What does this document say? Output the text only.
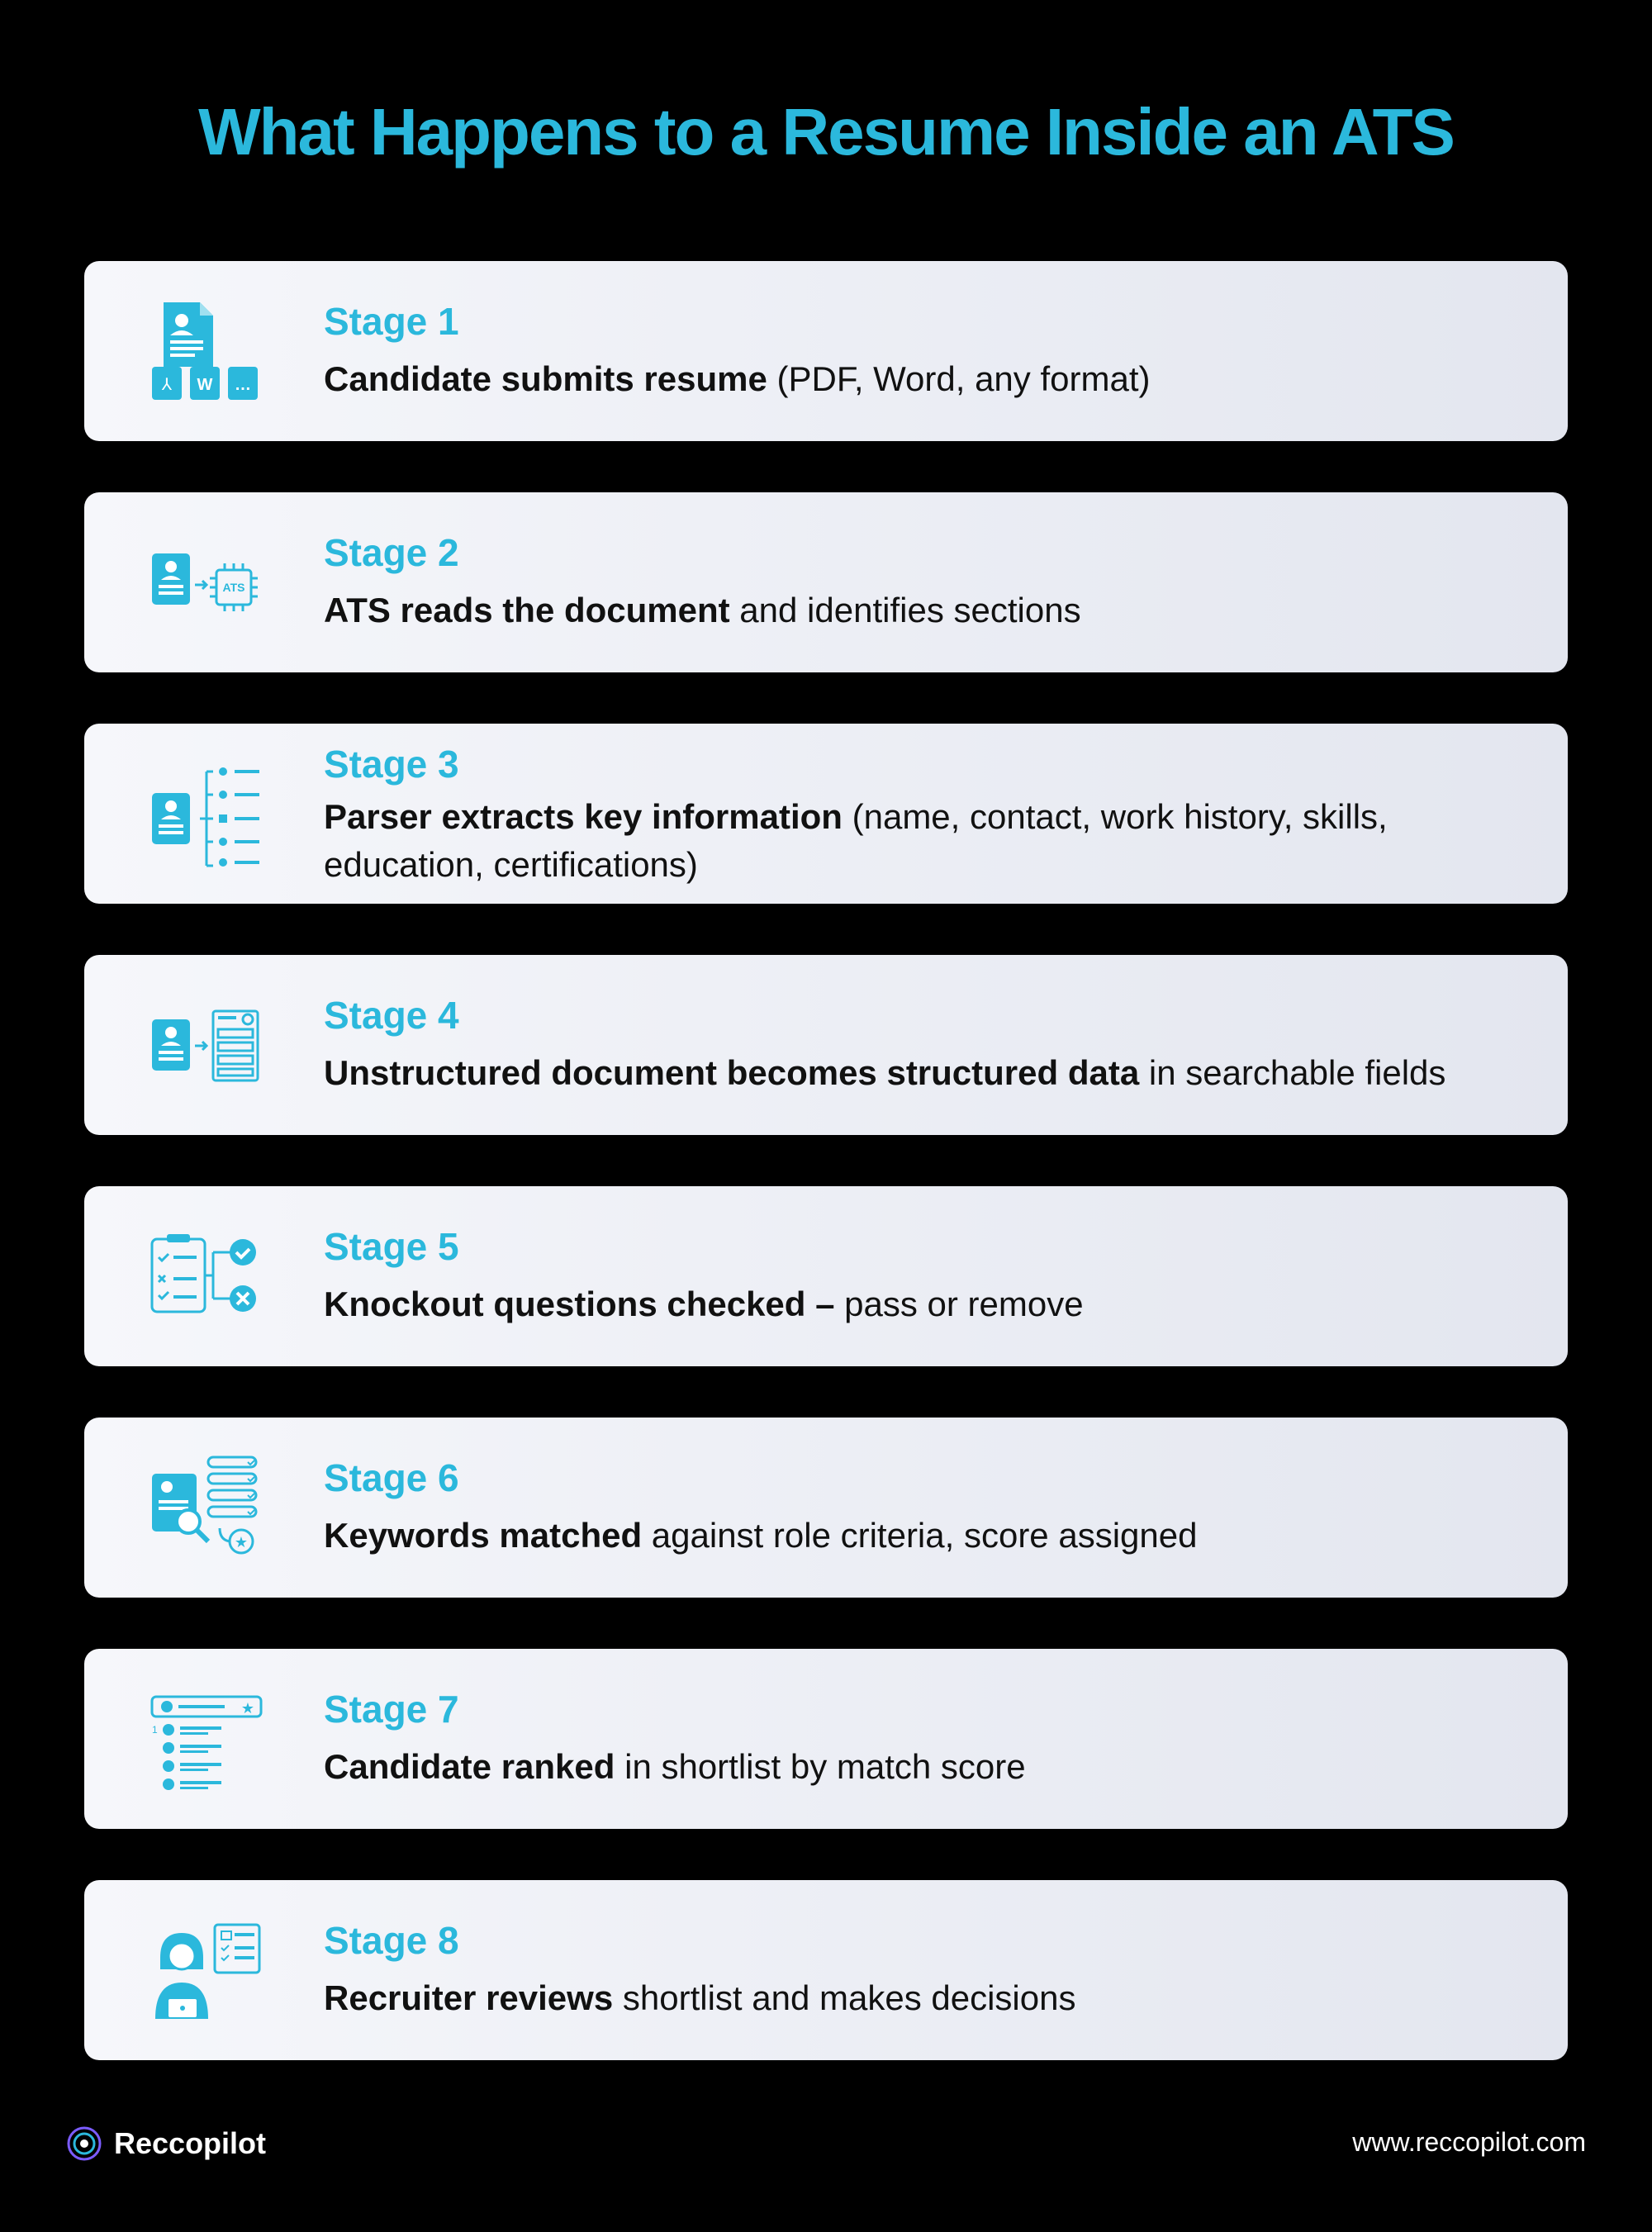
What Happens to a Resume Inside an ATS
⅄ W …
Stage 1
Candidate submits resume (PDF, Word, any format)
ATS
Stage 2
ATS reads the document and identifies sections
Stage 3
Parser extracts key information (name, contact, work history, skills, education, certifications)
Stage 4
Unstructured document becomes structured data in searchable fields
Stage 5
Knockout questions checked – pass or remove
★
Stage 6
Keywords matched against role criteria, score assigned
★
1	Stage 7
Candidate ranked in shortlist by match score
Stage 8
Recruiter reviews shortlist and makes decisions
Reccopilot	www.reccopilot.com
